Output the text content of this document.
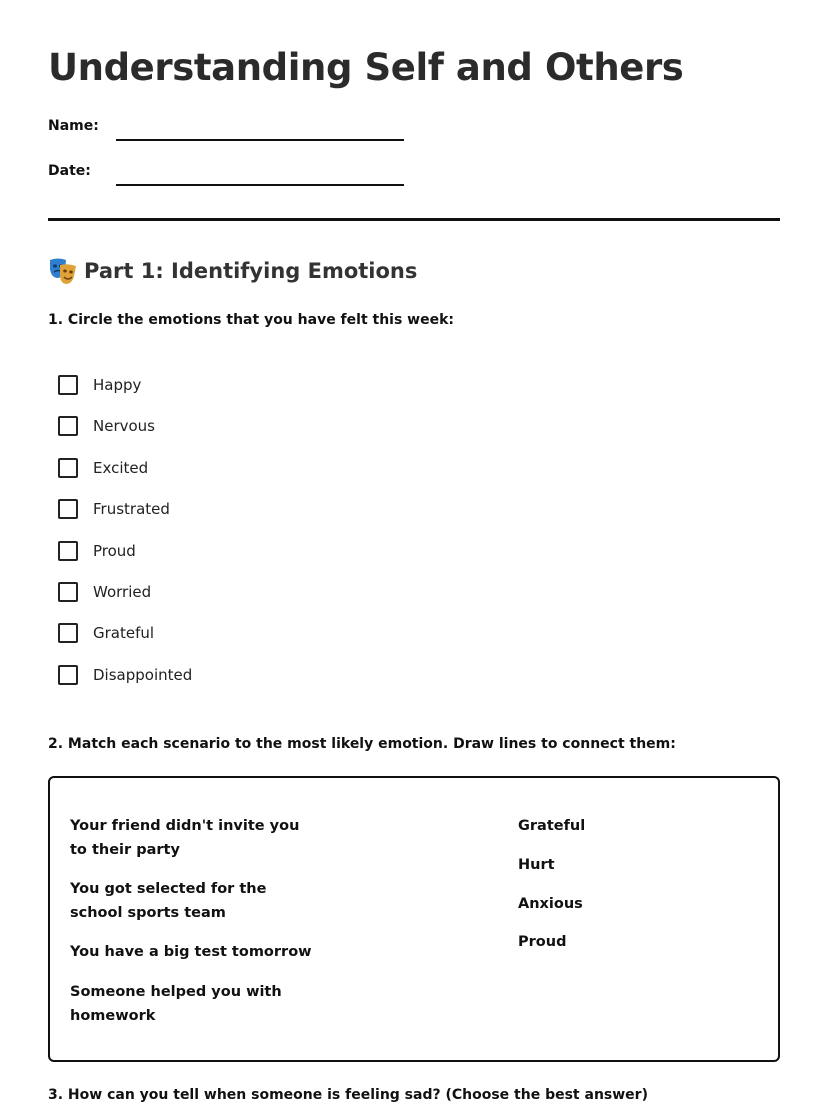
Understanding Self and Others
Name:
Date:
Part 1: Identifying Emotions

1. Circle the emotions that you have felt this week:

Happy
Nervous
Excited
Frustrated
Proud
Worried
Grateful
Disappointed

2. Match each scenario to the most likely emotion. Draw lines to connect them:

Your friend didn't invite you to their party
You got selected for the school sports team
You have a big test tomorrow
Someone helped you with homework
Grateful
Hurt
Anxious
Proud

3. How can you tell when someone is feeling sad? (Choose the best answer)
